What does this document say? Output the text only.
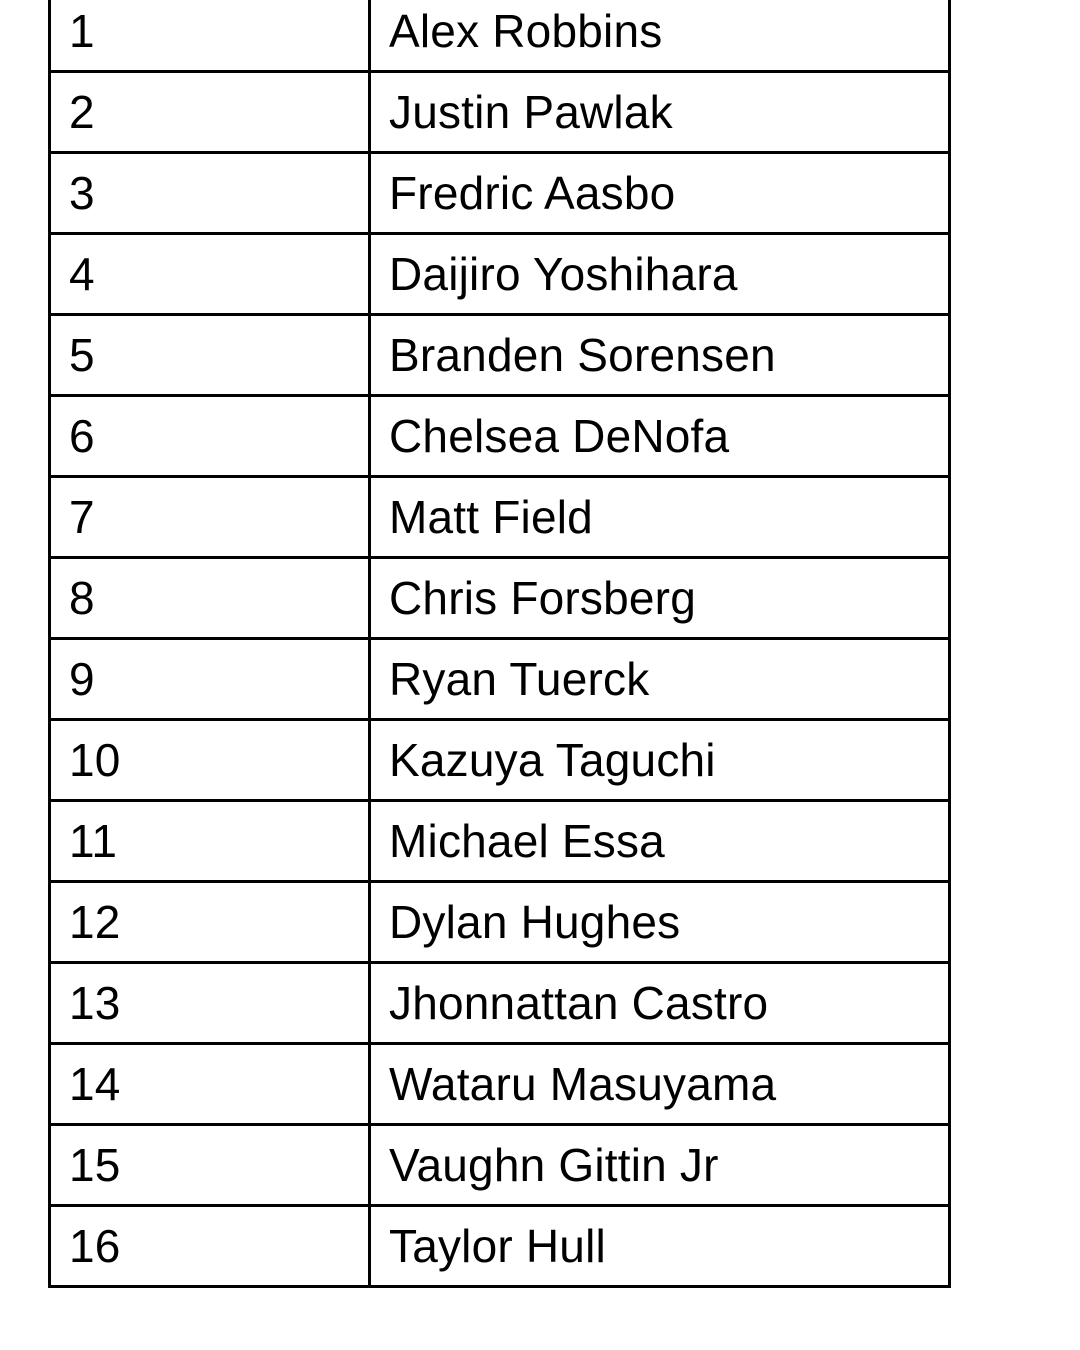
1	Alex Robbins

2	Justin Pawlak

3	Fredric Aasbo

4	Daijiro Yoshihara

5	Branden Sorensen

6	Chelsea DeNofa

7	Matt Field

8	Chris Forsberg

9	Ryan Tuerck

10	Kazuya Taguchi

11	Michael Essa

12	Dylan Hughes

13	Jhonnattan Castro

14	Wataru Masuyama

15	Vaughn Gittin Jr

16	Taylor Hull
